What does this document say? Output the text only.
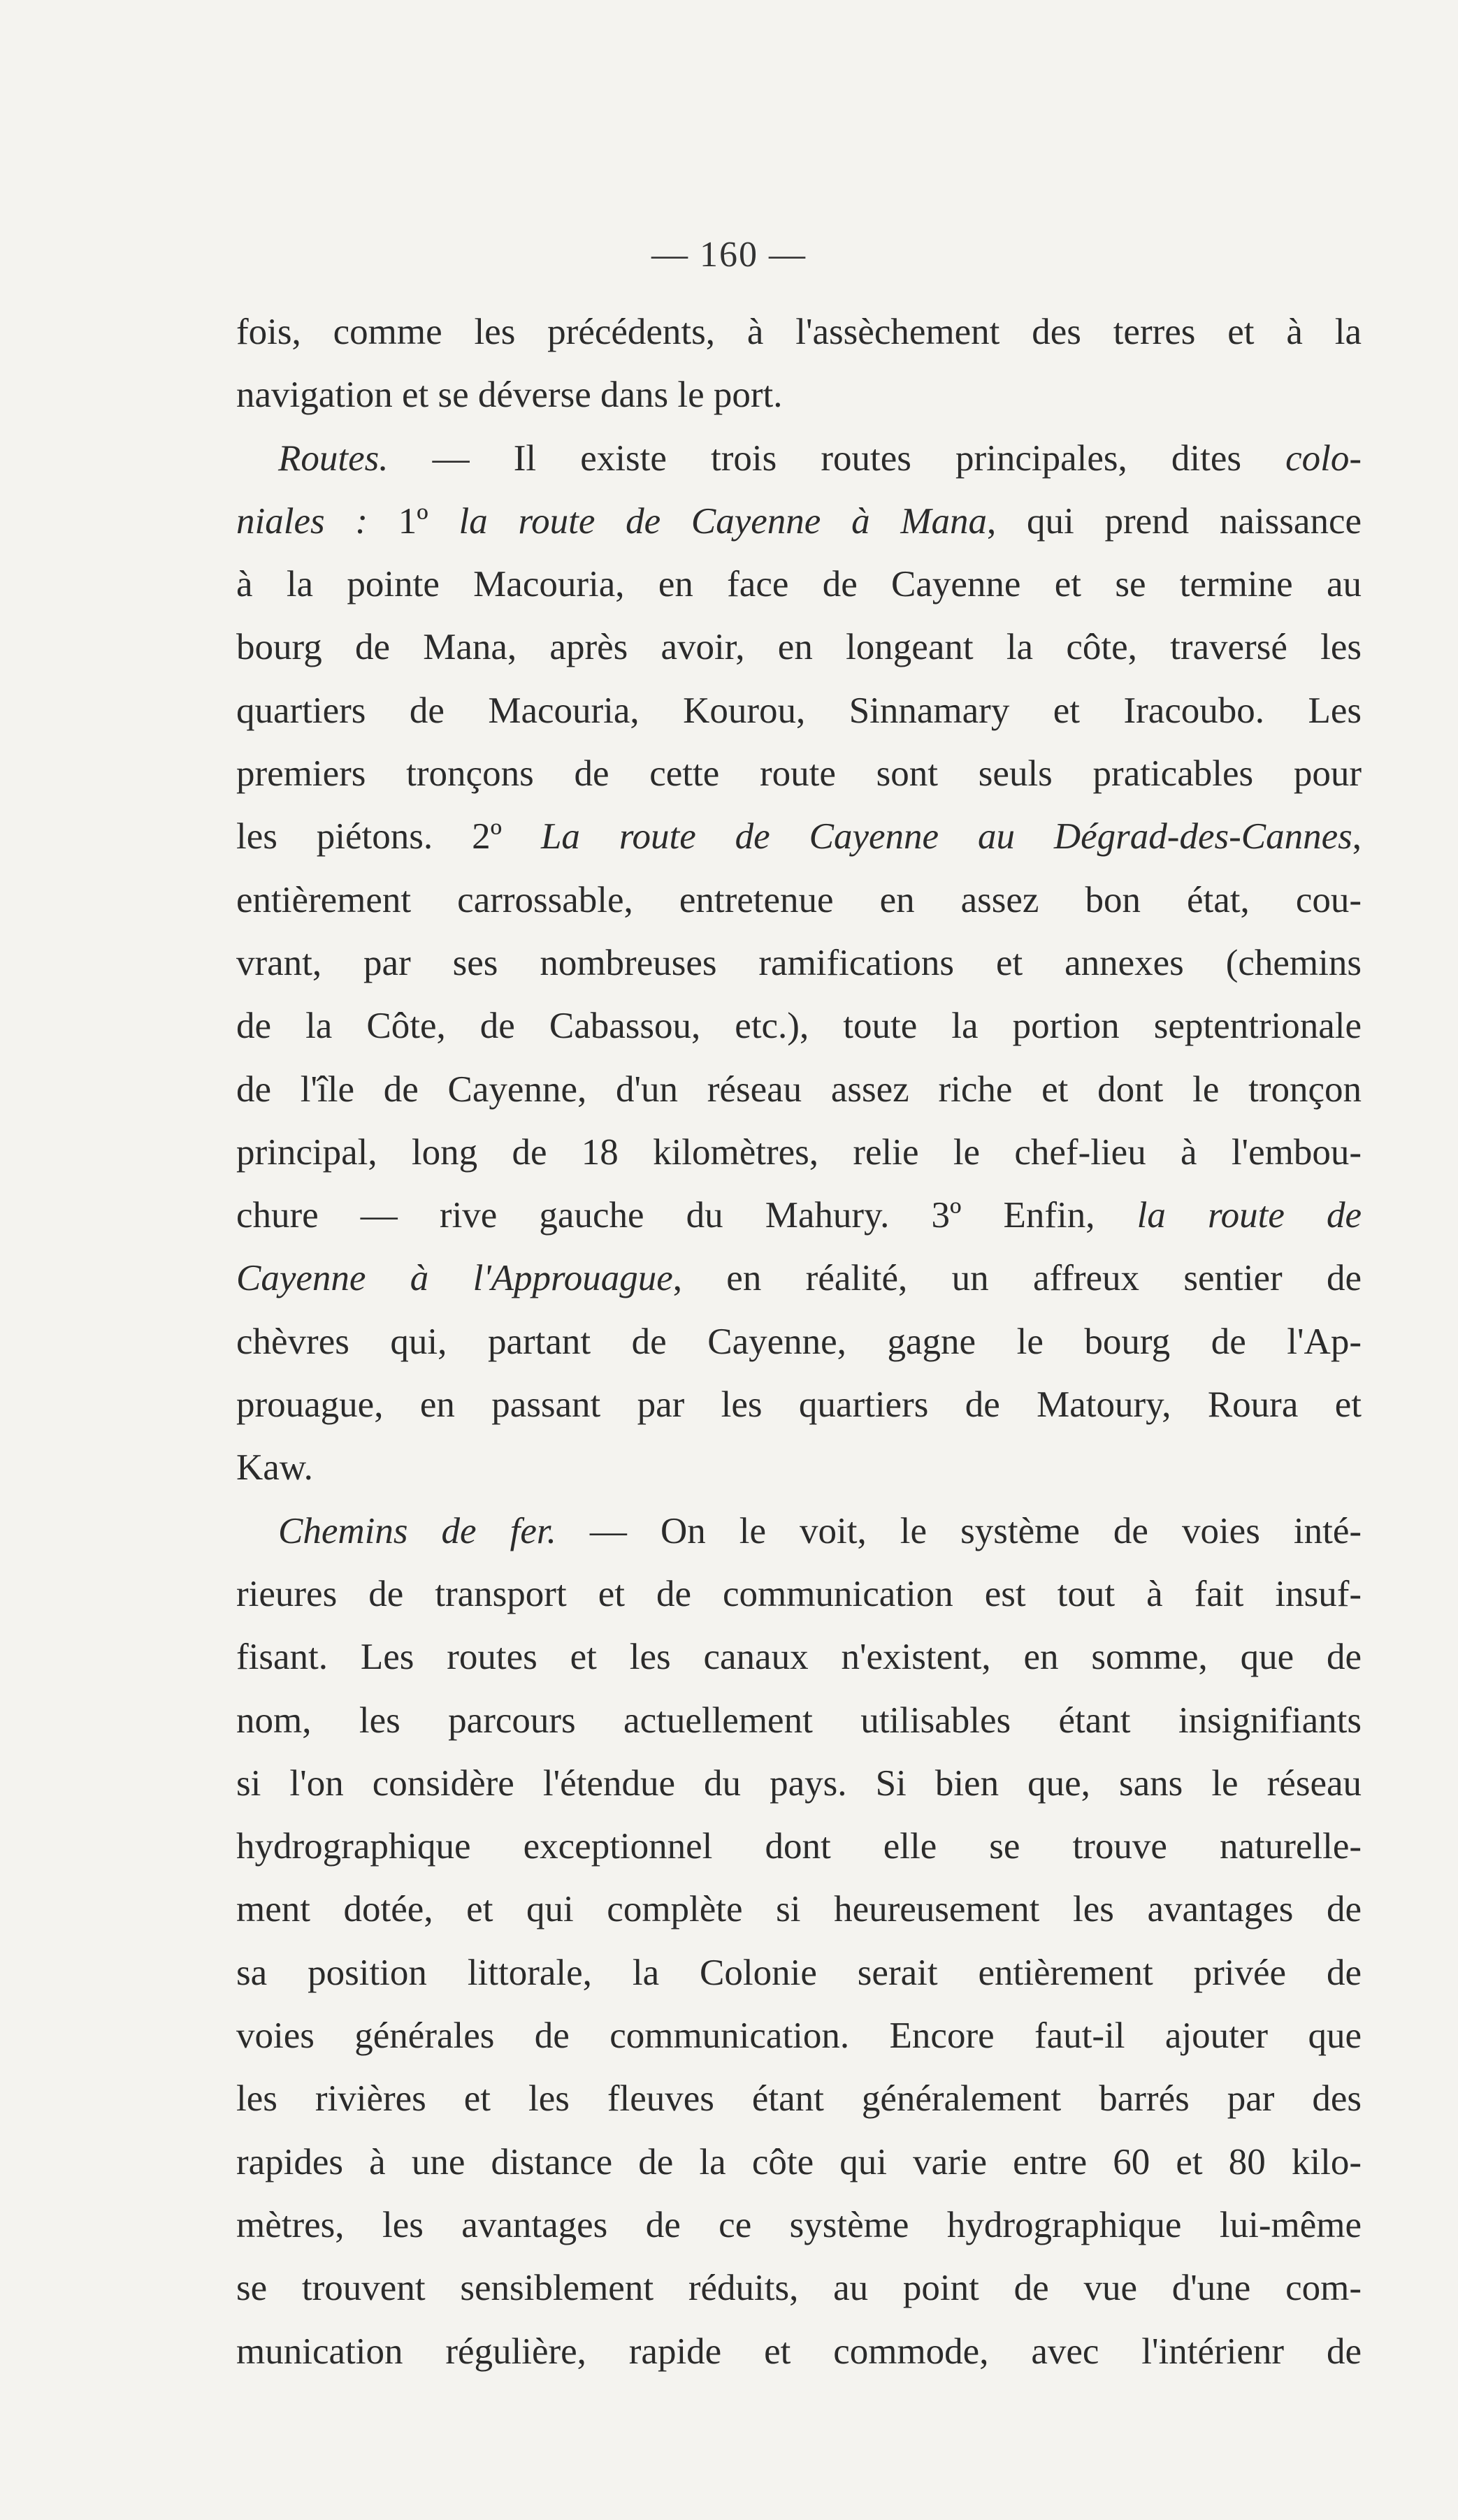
— 160 —
fois, comme les précédents, à l'assèchement des terres et à la
navigation et se déverse dans le port.
Routes. — Il existe trois routes principales, dites colo-
niales : 1º la route de Cayenne à Mana, qui prend naissance
à la pointe Macouria, en face de Cayenne et se termine au
bourg de Mana, après avoir, en longeant la côte, traversé les
quartiers de Macouria, Kourou, Sinnamary et Iracoubo. Les
premiers tronçons de cette route sont seuls praticables pour
les piétons. 2º La route de Cayenne au Dégrad-des-Cannes,
entièrement carrossable, entretenue en assez bon état, cou-
vrant, par ses nombreuses ramifications et annexes (chemins
de la Côte, de Cabassou, etc.), toute la portion septentrionale
de l'île de Cayenne, d'un réseau assez riche et dont le tronçon
principal, long de 18 kilomètres, relie le chef-lieu à l'embou-
chure — rive gauche du Mahury. 3º Enfin, la route de
Cayenne à l'Approuague, en réalité, un affreux sentier de
chèvres qui, partant de Cayenne, gagne le bourg de l'Ap-
prouague, en passant par les quartiers de Matoury, Roura et
Kaw.
Chemins de fer. — On le voit, le système de voies inté-
rieures de transport et de communication est tout à fait insuf-
fisant. Les routes et les canaux n'existent, en somme, que de
nom, les parcours actuellement utilisables étant insignifiants
si l'on considère l'étendue du pays. Si bien que, sans le réseau
hydrographique exceptionnel dont elle se trouve naturelle-
ment dotée, et qui complète si heureusement les avantages de
sa position littorale, la Colonie serait entièrement privée de
voies générales de communication. Encore faut-il ajouter que
les rivières et les fleuves étant généralement barrés par des
rapides à une distance de la côte qui varie entre 60 et 80 kilo-
mètres, les avantages de ce système hydrographique lui-même
se trouvent sensiblement réduits, au point de vue d'une com-
munication régulière, rapide et commode, avec l'intérienr de
